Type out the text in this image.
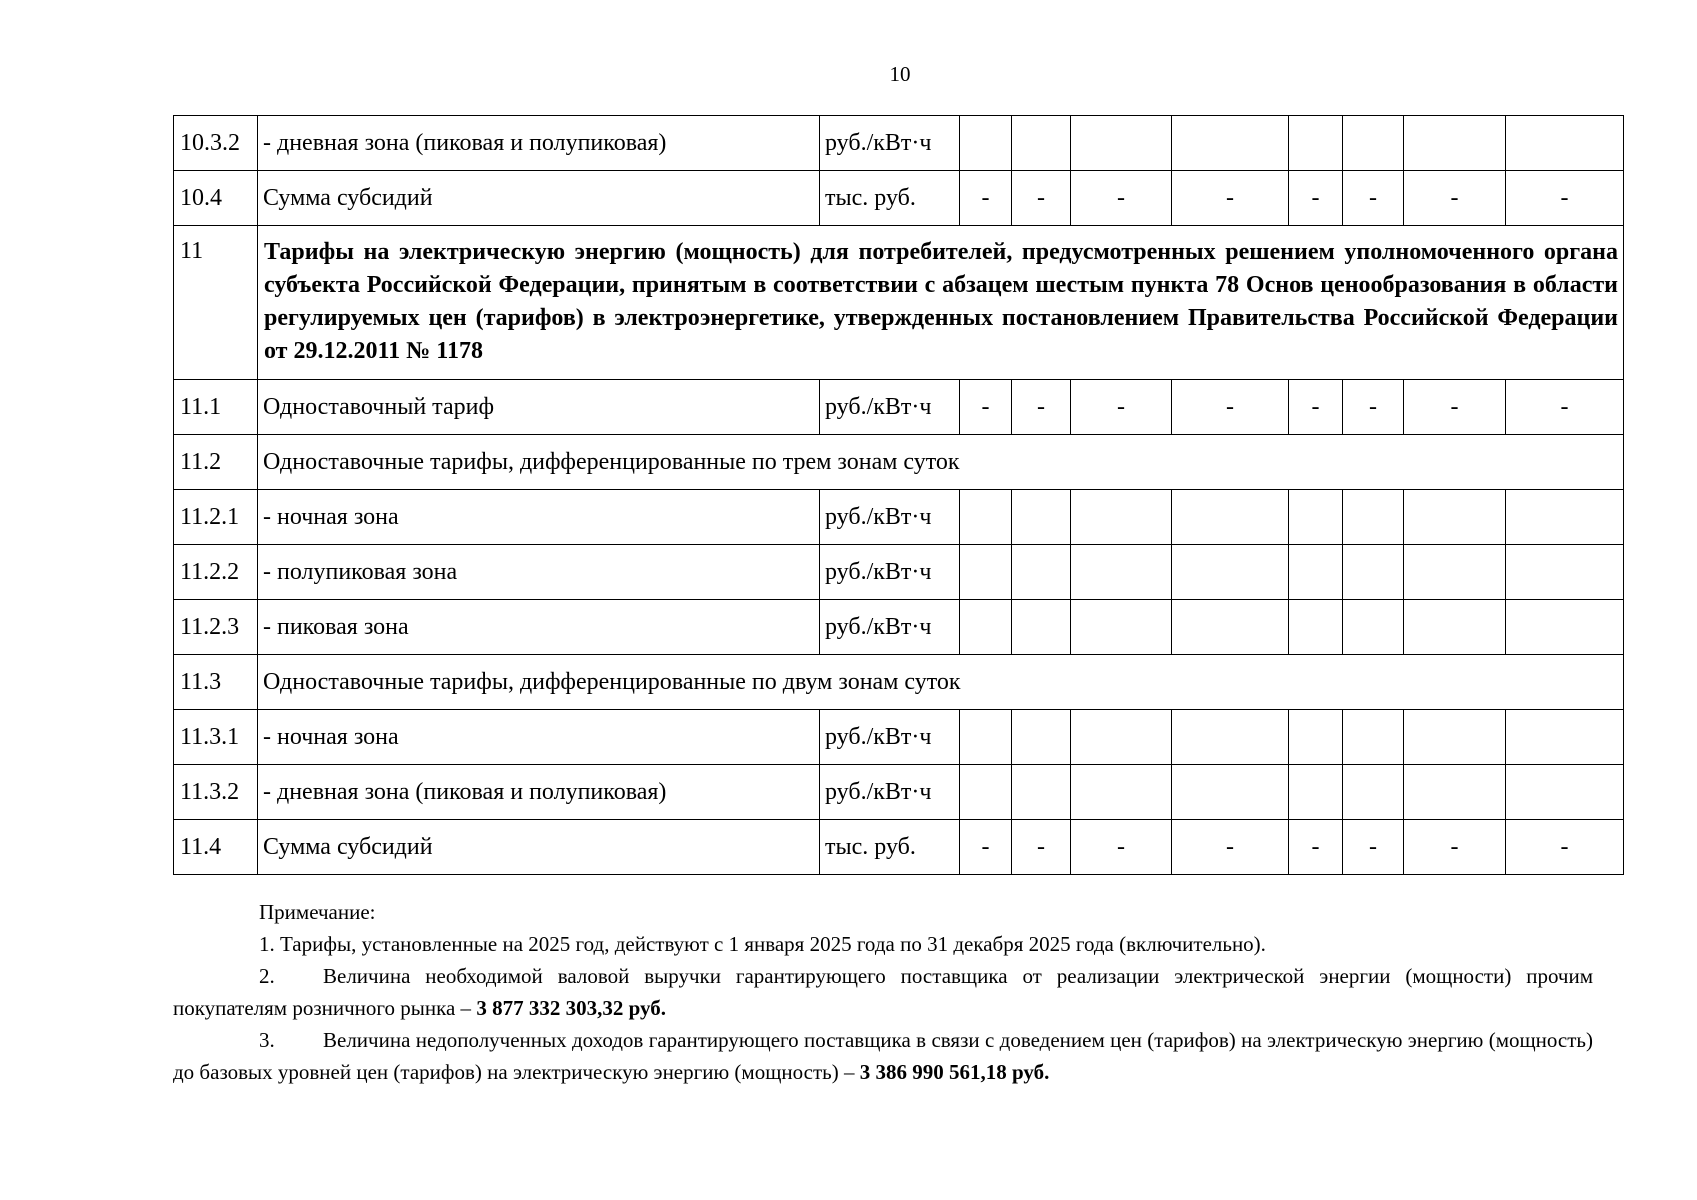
10
10.3.2	- дневная зона (пиковая и полупиковая)	руб./кВт·ч								
10.4	Сумма субсидий	тыс. руб.	-	-	-	-	-	-	-	-
11	Тарифы на электрическую энергию (мощность) для потребителей, предусмотренных решением уполномоченного органа субъекта Российской Федерации, принятым в соответствии с абзацем шестым пункта 78 Основ ценообразования в области регулируемых цен (тарифов) в электроэнергетике, утвержденных постановлением Правительства Российской Федерации от 29.12.2011 № 1178									
11.1	Одноставочный тариф	руб./кВт·ч	-	-	-	-	-	-	-	-
11.2	Одноставочные тарифы, дифференцированные по трем зонам суток									
11.2.1	- ночная зона	руб./кВт·ч								
11.2.2	- полупиковая зона	руб./кВт·ч								
11.2.3	- пиковая зона	руб./кВт·ч								
11.3	Одноставочные тарифы, дифференцированные по двум зонам суток									
11.3.1	- ночная зона	руб./кВт·ч								
11.3.2	- дневная зона (пиковая и полупиковая)	руб./кВт·ч								
11.4	Сумма субсидий	тыс. руб.	-	-	-	-	-	-	-	-

Примечание:

1. Тарифы, установленные на 2025 год, действуют с 1 января 2025 года по 31 декабря 2025 года (включительно).

2. Величина необходимой валовой выручки гарантирующего поставщика от реализации электрической энергии (мощности) прочим покупателям розничного рынка – 3 877 332 303,32 руб.

3. Величина недополученных доходов гарантирующего поставщика в связи с доведением цен (тарифов) на электрическую энергию (мощность) до базовых уровней цен (тарифов) на электрическую энергию (мощность) – 3 386 990 561,18 руб.
